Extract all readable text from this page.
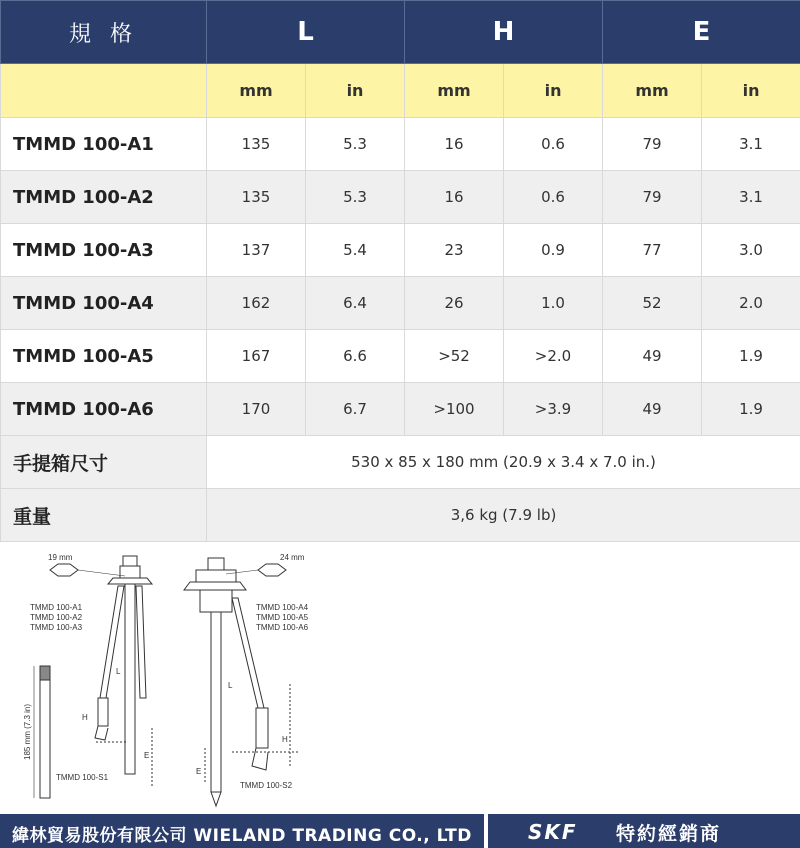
規 格	L		H		E	
	mm	in	mm	in	mm	in
TMMD 100-A1	135	5.3	16	0.6	79	3.1
TMMD 100-A2	135	5.3	16	0.6	79	3.1
TMMD 100-A3	137	5.4	23	0.9	77	3.0
TMMD 100-A4	162	6.4	26	1.0	52	2.0
TMMD 100-A5	167	6.6	>52	>2.0	49	1.9
TMMD 100-A6	170	6.7	>100	>3.9	49	1.9
手提箱尺寸	530 x 85 x 180 mm (20.9 x 3.4 x 7.0 in.)					
重量	3,6 kg (7.9 lb)					
19 mm	24 mm
TMMD 100-A1
TMMD 100-A2
TMMD 100-A3
TMMD 100-A4
TMMD 100-A5
TMMD 100-A6
L
L
H
H
E
E
TMMD 100-S1
TMMD 100-S2
185 mm (7.3 in)
緯林貿易股份有限公司 WIELAND TRADING CO., LTD	SKF 特約經銷商
